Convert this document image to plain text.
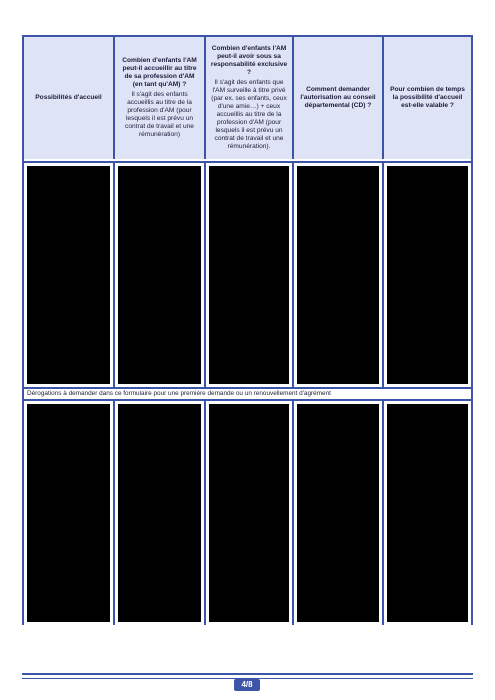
Possibilités d'accueil
Combien d'enfants l'AM peut-il accueillir au titre de sa profession d'AM (en tant qu'AM) ?
Il s'agit des enfants accueillis au titre de la profession d'AM (pour lesquels il est prévu un contrat de travail et une rémunération)
Combien d'enfants l'AM peut-il avoir sous sa responsabilité exclusive ?
Il s'agit des enfants que l'AM surveille à titre privé (par ex. ses enfants, ceux d'une amie…) + ceux accueillis au titre de la profession d'AM (pour lesquels il est prévu un contrat de travail et une rémunération).
Comment demander l'autorisation au conseil départemental (CD) ?
Pour combien de temps la possibilité d'accueil est-elle valable ?
Dérogations à demander dans ce formulaire pour une première demande ou un renouvellement d'agrément
4/8
